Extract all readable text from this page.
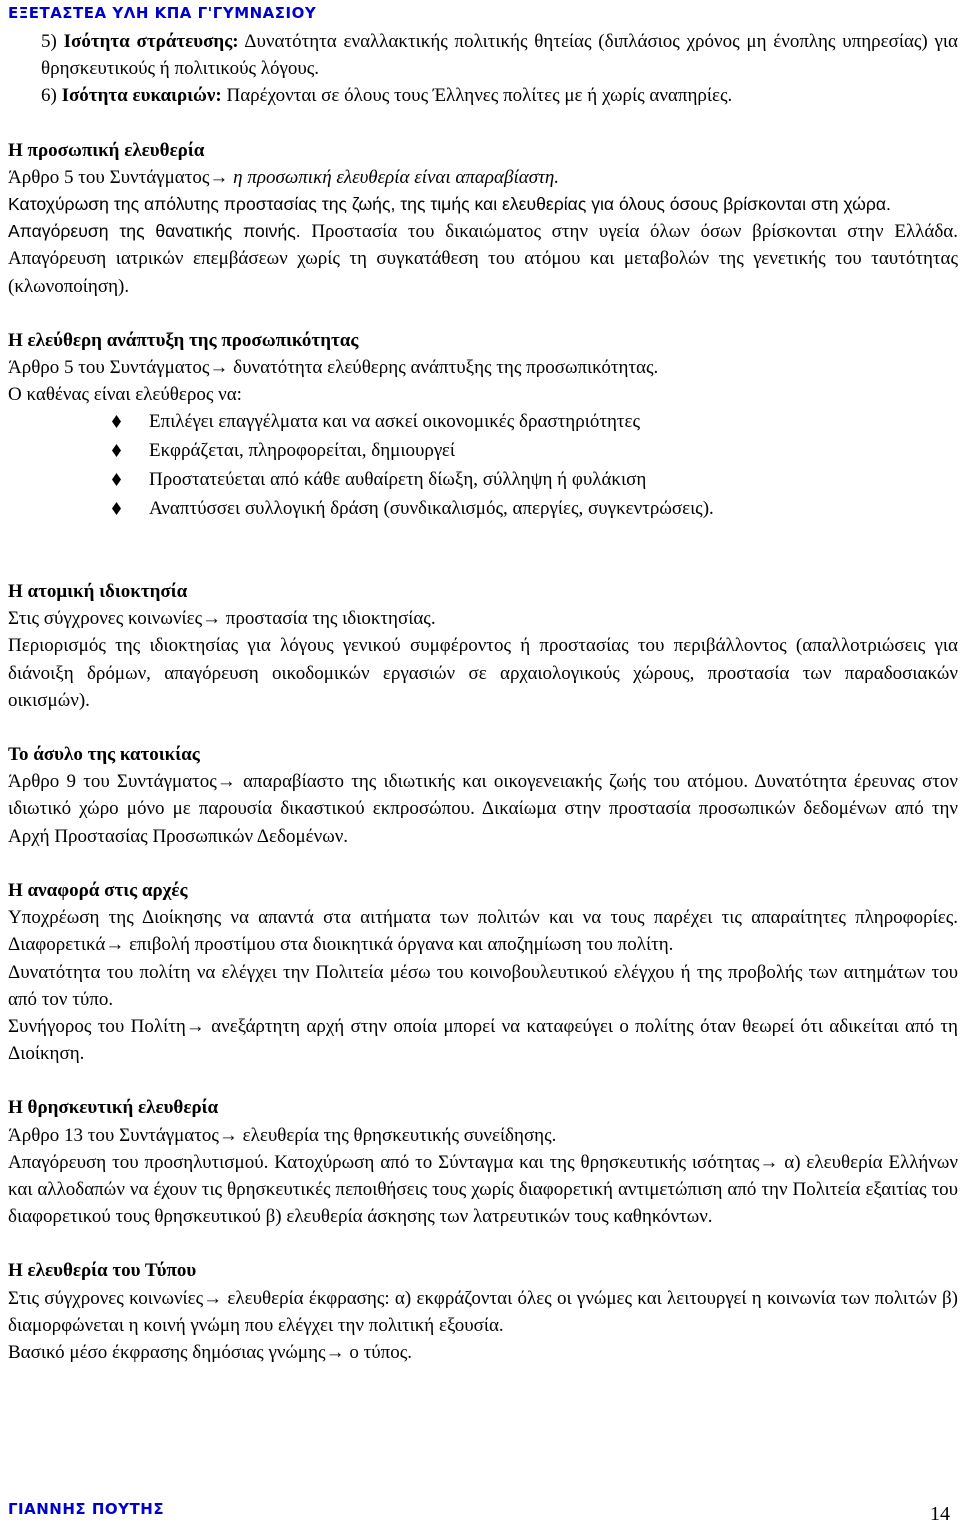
ΕΞΕΤΑΣΤΕΑ ΥΛΗ ΚΠΑ Γ'ΓΥΜΝΑΣΙΟΥ

5) Ισότητα στράτευσης: Δυνατότητα εναλλακτικής πολιτικής θητείας (διπλάσιος χρόνος μη ένοπλης υπηρεσίας) για θρησκευτικούς ή πολιτικούς λόγους.

6) Ισότητα ευκαιριών: Παρέχονται σε όλους τους Έλληνες πολίτες με ή χωρίς αναπηρίες.

Η προσωπική ελευθερία

Άρθρο 5 του Συντάγματος→ η προσωπική ελευθερία είναι απαραβίαστη.

Κατοχύρωση της απόλυτης προστασίας της ζωής, της τιμής και ελευθερίας για όλους όσους βρίσκονται στη χώρα.

Απαγόρευση της θανατικής ποινής. Προστασία του δικαιώματος στην υγεία όλων όσων βρίσκονται στην Ελλάδα. Απαγόρευση ιατρικών επεμβάσεων χωρίς τη συγκατάθεση του ατόμου και μεταβολών της γενετικής του ταυτότητας (κλωνοποίηση).

Η ελεύθερη ανάπτυξη της προσωπικότητας

Άρθρο 5 του Συντάγματος→ δυνατότητα ελεύθερης ανάπτυξης της προσωπικότητας.

Ο καθένας είναι ελεύθερος να:

Επιλέγει επαγγέλματα και να ασκεί οικονομικές δραστηριότητες
Εκφράζεται, πληροφορείται, δημιουργεί
Προστατεύεται από κάθε αυθαίρετη δίωξη, σύλληψη ή φυλάκιση
Αναπτύσσει συλλογική δράση (συνδικαλισμός, απεργίες, συγκεντρώσεις).

Η ατομική ιδιοκτησία

Στις σύγχρονες κοινωνίες→ προστασία της ιδιοκτησίας.

Περιορισμός της ιδιοκτησίας για λόγους γενικού συμφέροντος ή προστασίας του περιβάλλοντος (απαλλοτριώσεις για διάνοιξη δρόμων, απαγόρευση οικοδομικών εργασιών σε αρχαιολογικούς χώρους, προστασία των παραδοσιακών οικισμών).

Το άσυλο της κατοικίας

Άρθρο 9 του Συντάγματος→ απαραβίαστο της ιδιωτικής και οικογενειακής ζωής του ατόμου. Δυνατότητα έρευνας στον ιδιωτικό χώρο μόνο με παρουσία δικαστικού εκπροσώπου. Δικαίωμα στην προστασία προσωπικών δεδομένων από την Αρχή Προστασίας Προσωπικών Δεδομένων.

Η αναφορά στις αρχές

Υποχρέωση της Διοίκησης να απαντά στα αιτήματα των πολιτών και να τους παρέχει τις απαραίτητες πληροφορίες. Διαφορετικά→ επιβολή προστίμου στα διοικητικά όργανα και αποζημίωση του πολίτη.

Δυνατότητα του πολίτη να ελέγχει την Πολιτεία μέσω του κοινοβουλευτικού ελέγχου ή της προβολής των αιτημάτων του από τον τύπο.

Συνήγορος του Πολίτη→ ανεξάρτητη αρχή στην οποία μπορεί να καταφεύγει ο πολίτης όταν θεωρεί ότι αδικείται από τη Διοίκηση.

Η θρησκευτική ελευθερία

Άρθρο 13 του Συντάγματος→ ελευθερία της θρησκευτικής συνείδησης.

Απαγόρευση του προσηλυτισμού. Κατοχύρωση από το Σύνταγμα και της θρησκευτικής ισότητας→ α) ελευθερία Ελλήνων και αλλοδαπών να έχουν τις θρησκευτικές πεποιθήσεις τους χωρίς διαφορετική αντιμετώπιση από την Πολιτεία εξαιτίας του διαφορετικού τους θρησκευτικού β) ελευθερία άσκησης των λατρευτικών τους καθηκόντων.

Η ελευθερία του Τύπου

Στις σύγχρονες κοινωνίες→ ελευθερία έκφρασης: α) εκφράζονται όλες οι γνώμες και λειτουργεί η κοινωνία των πολιτών β) διαμορφώνεται η κοινή γνώμη που ελέγχει την πολιτική εξουσία.

Βασικό μέσο έκφρασης δημόσιας γνώμης→ ο τύπος.

ΓΙΑΝΝΗΣ ΠΟΥΤΗΣ	14
